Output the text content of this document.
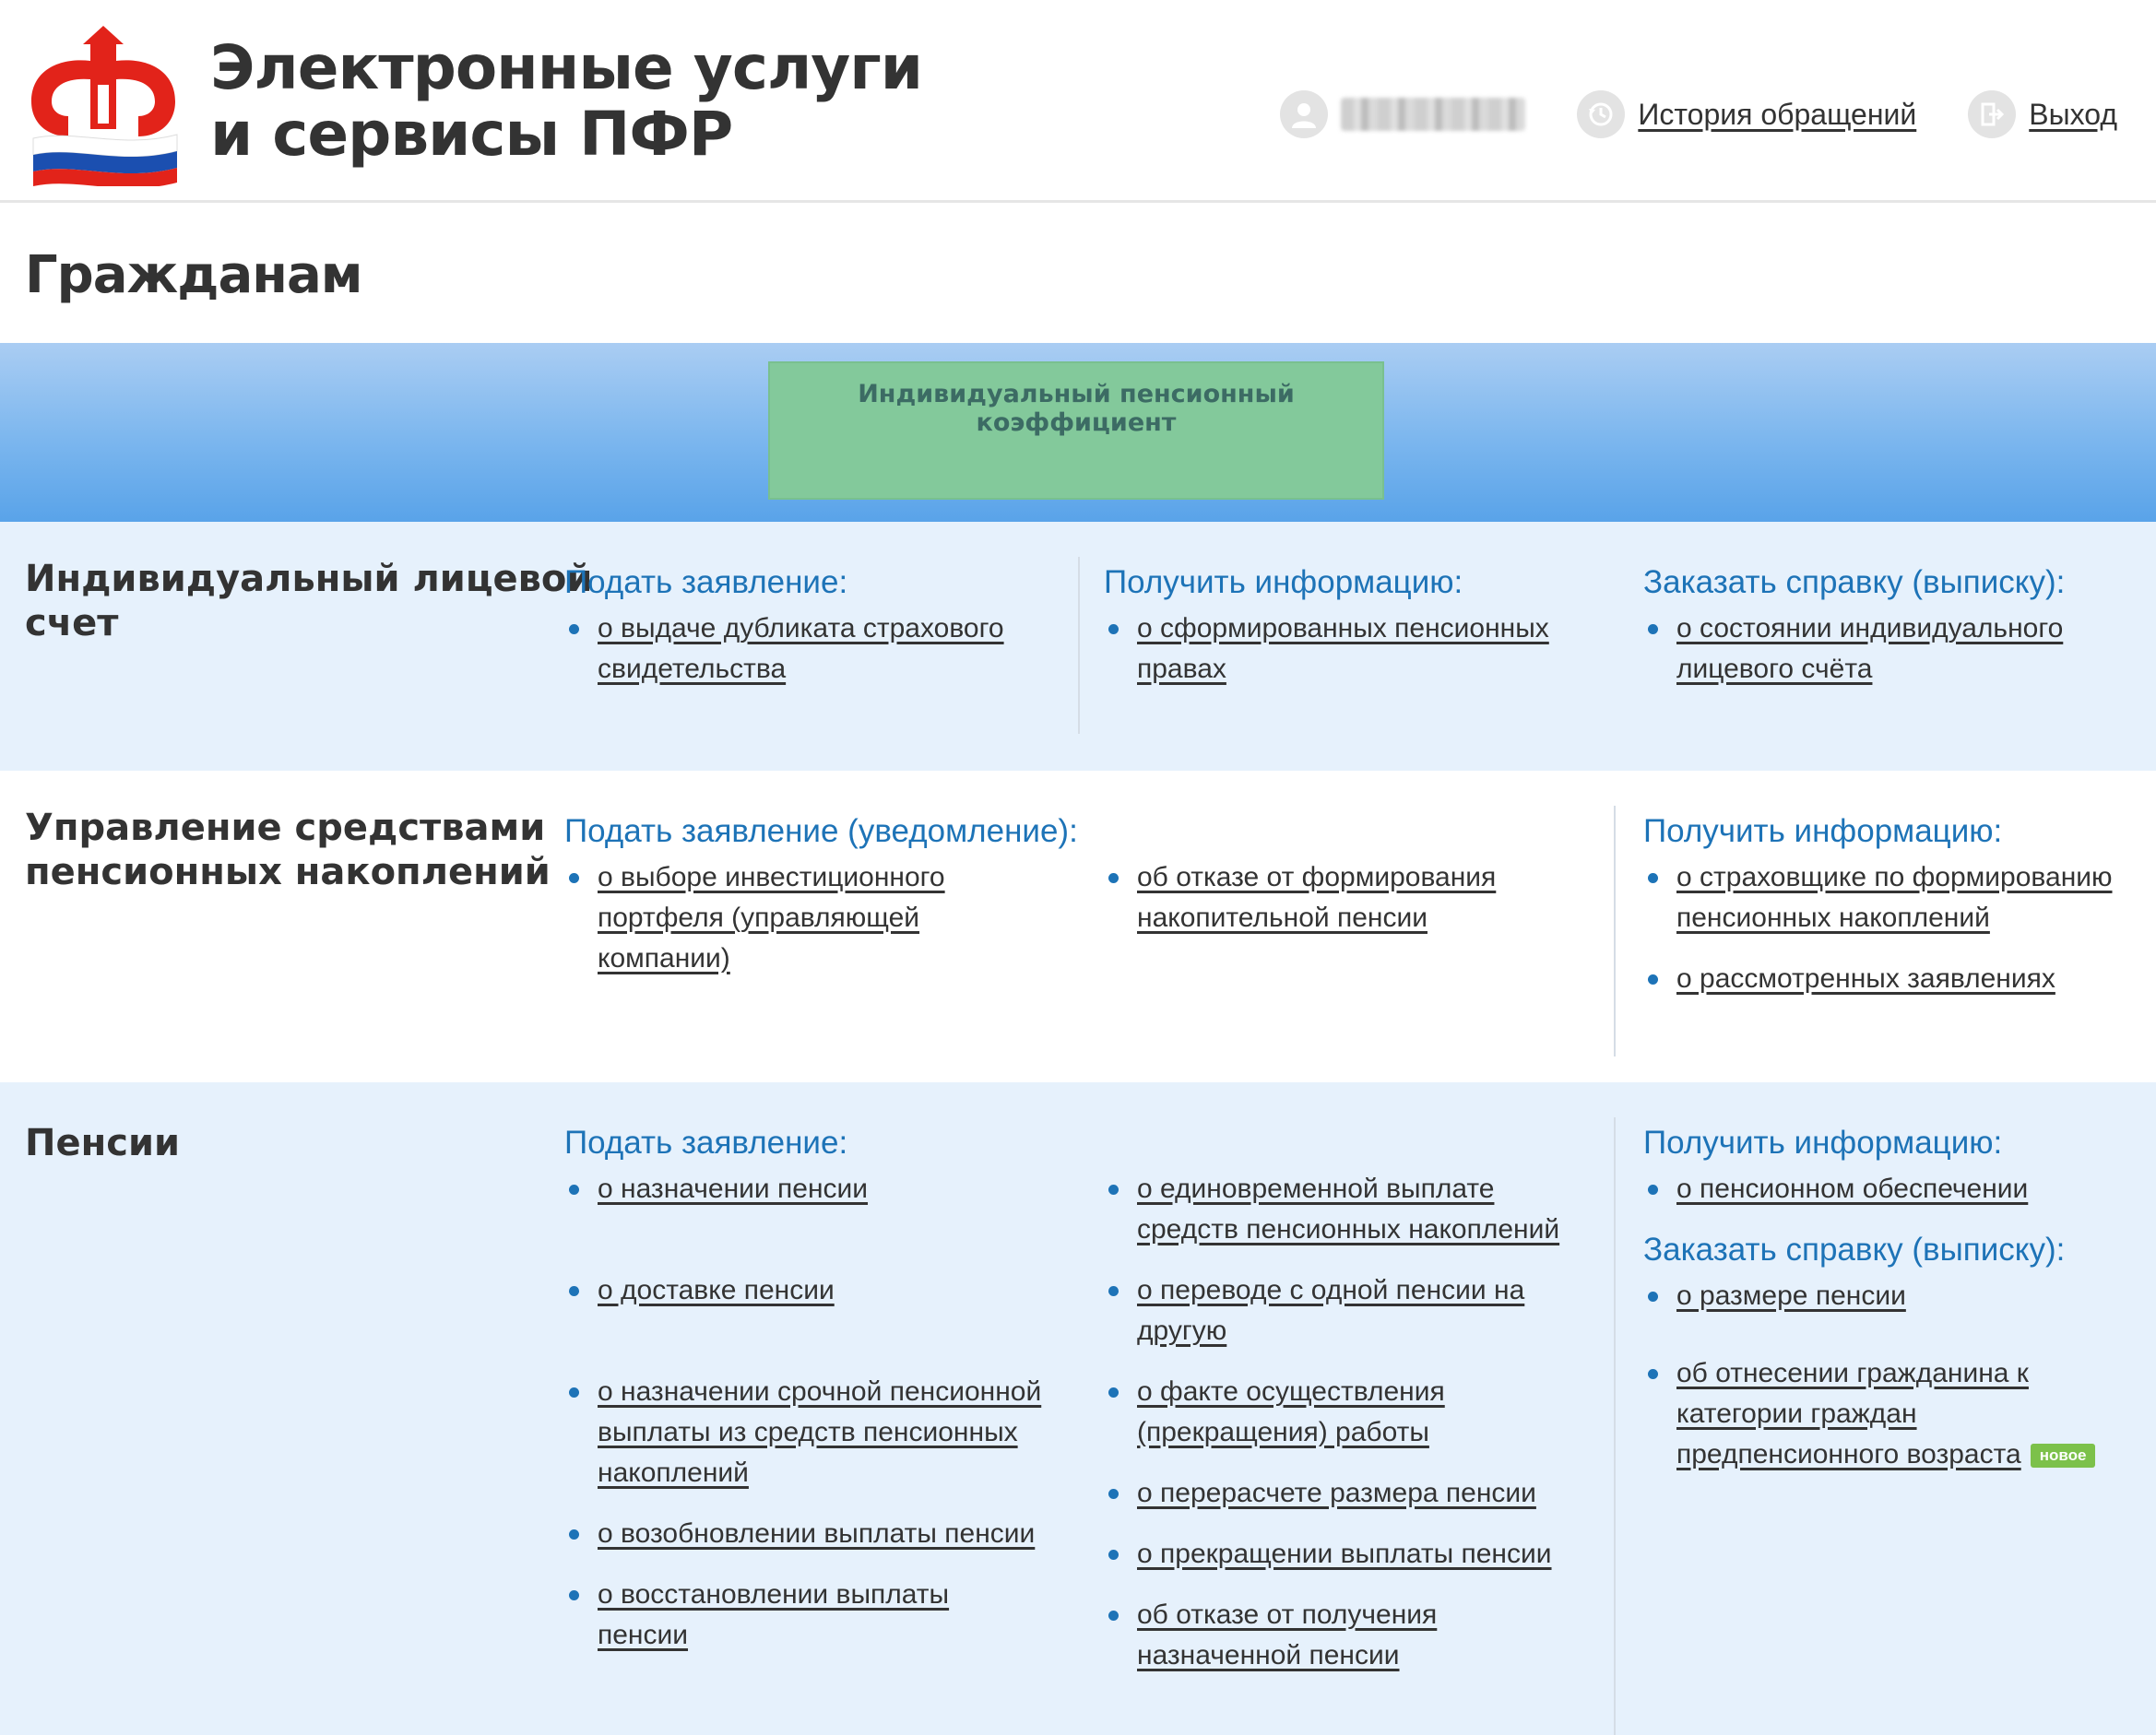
Электронные услуги
и сервисы ПФР	История обращений	Выход
Гражданам
Индивидуальный пенсионный коэффициент
Индивидуальный лицевой
счет
Подать заявление:
о выдаче дубликата страхового свидетельства
Получить информацию:
о сформированных пенсионных правах
Заказать справку (выписку):
о состоянии индивидуального лицевого счёта
Управление средствами
пенсионных накоплений
Подать заявление (уведомление):
о выборе инвестиционного портфеля (управляющей компании)
об отказе от формирования накопительной пенсии
Получить информацию:
о страховщике по формированию пенсионных накоплений
о рассмотренных заявлениях
Пенсии	Подать заявление:
о назначении пенсии
о доставке пенсии
о назначении срочной пенсионной выплаты из средств пенсионных накоплений
о возобновлении выплаты пенсии
о восстановлении выплаты пенсии
о единовременной выплате средств пенсионных накоплений
о переводе с одной пенсии на другую
о факте осуществления (прекращения) работы
о перерасчете размера пенсии
о прекращении выплаты пенсии
об отказе от получения назначенной пенсии
Получить информацию:
о пенсионном обеспечении
Заказать справку (выписку):
о размере пенсии
об отнесении гражданина к категории граждан предпенсионного возраста новое
